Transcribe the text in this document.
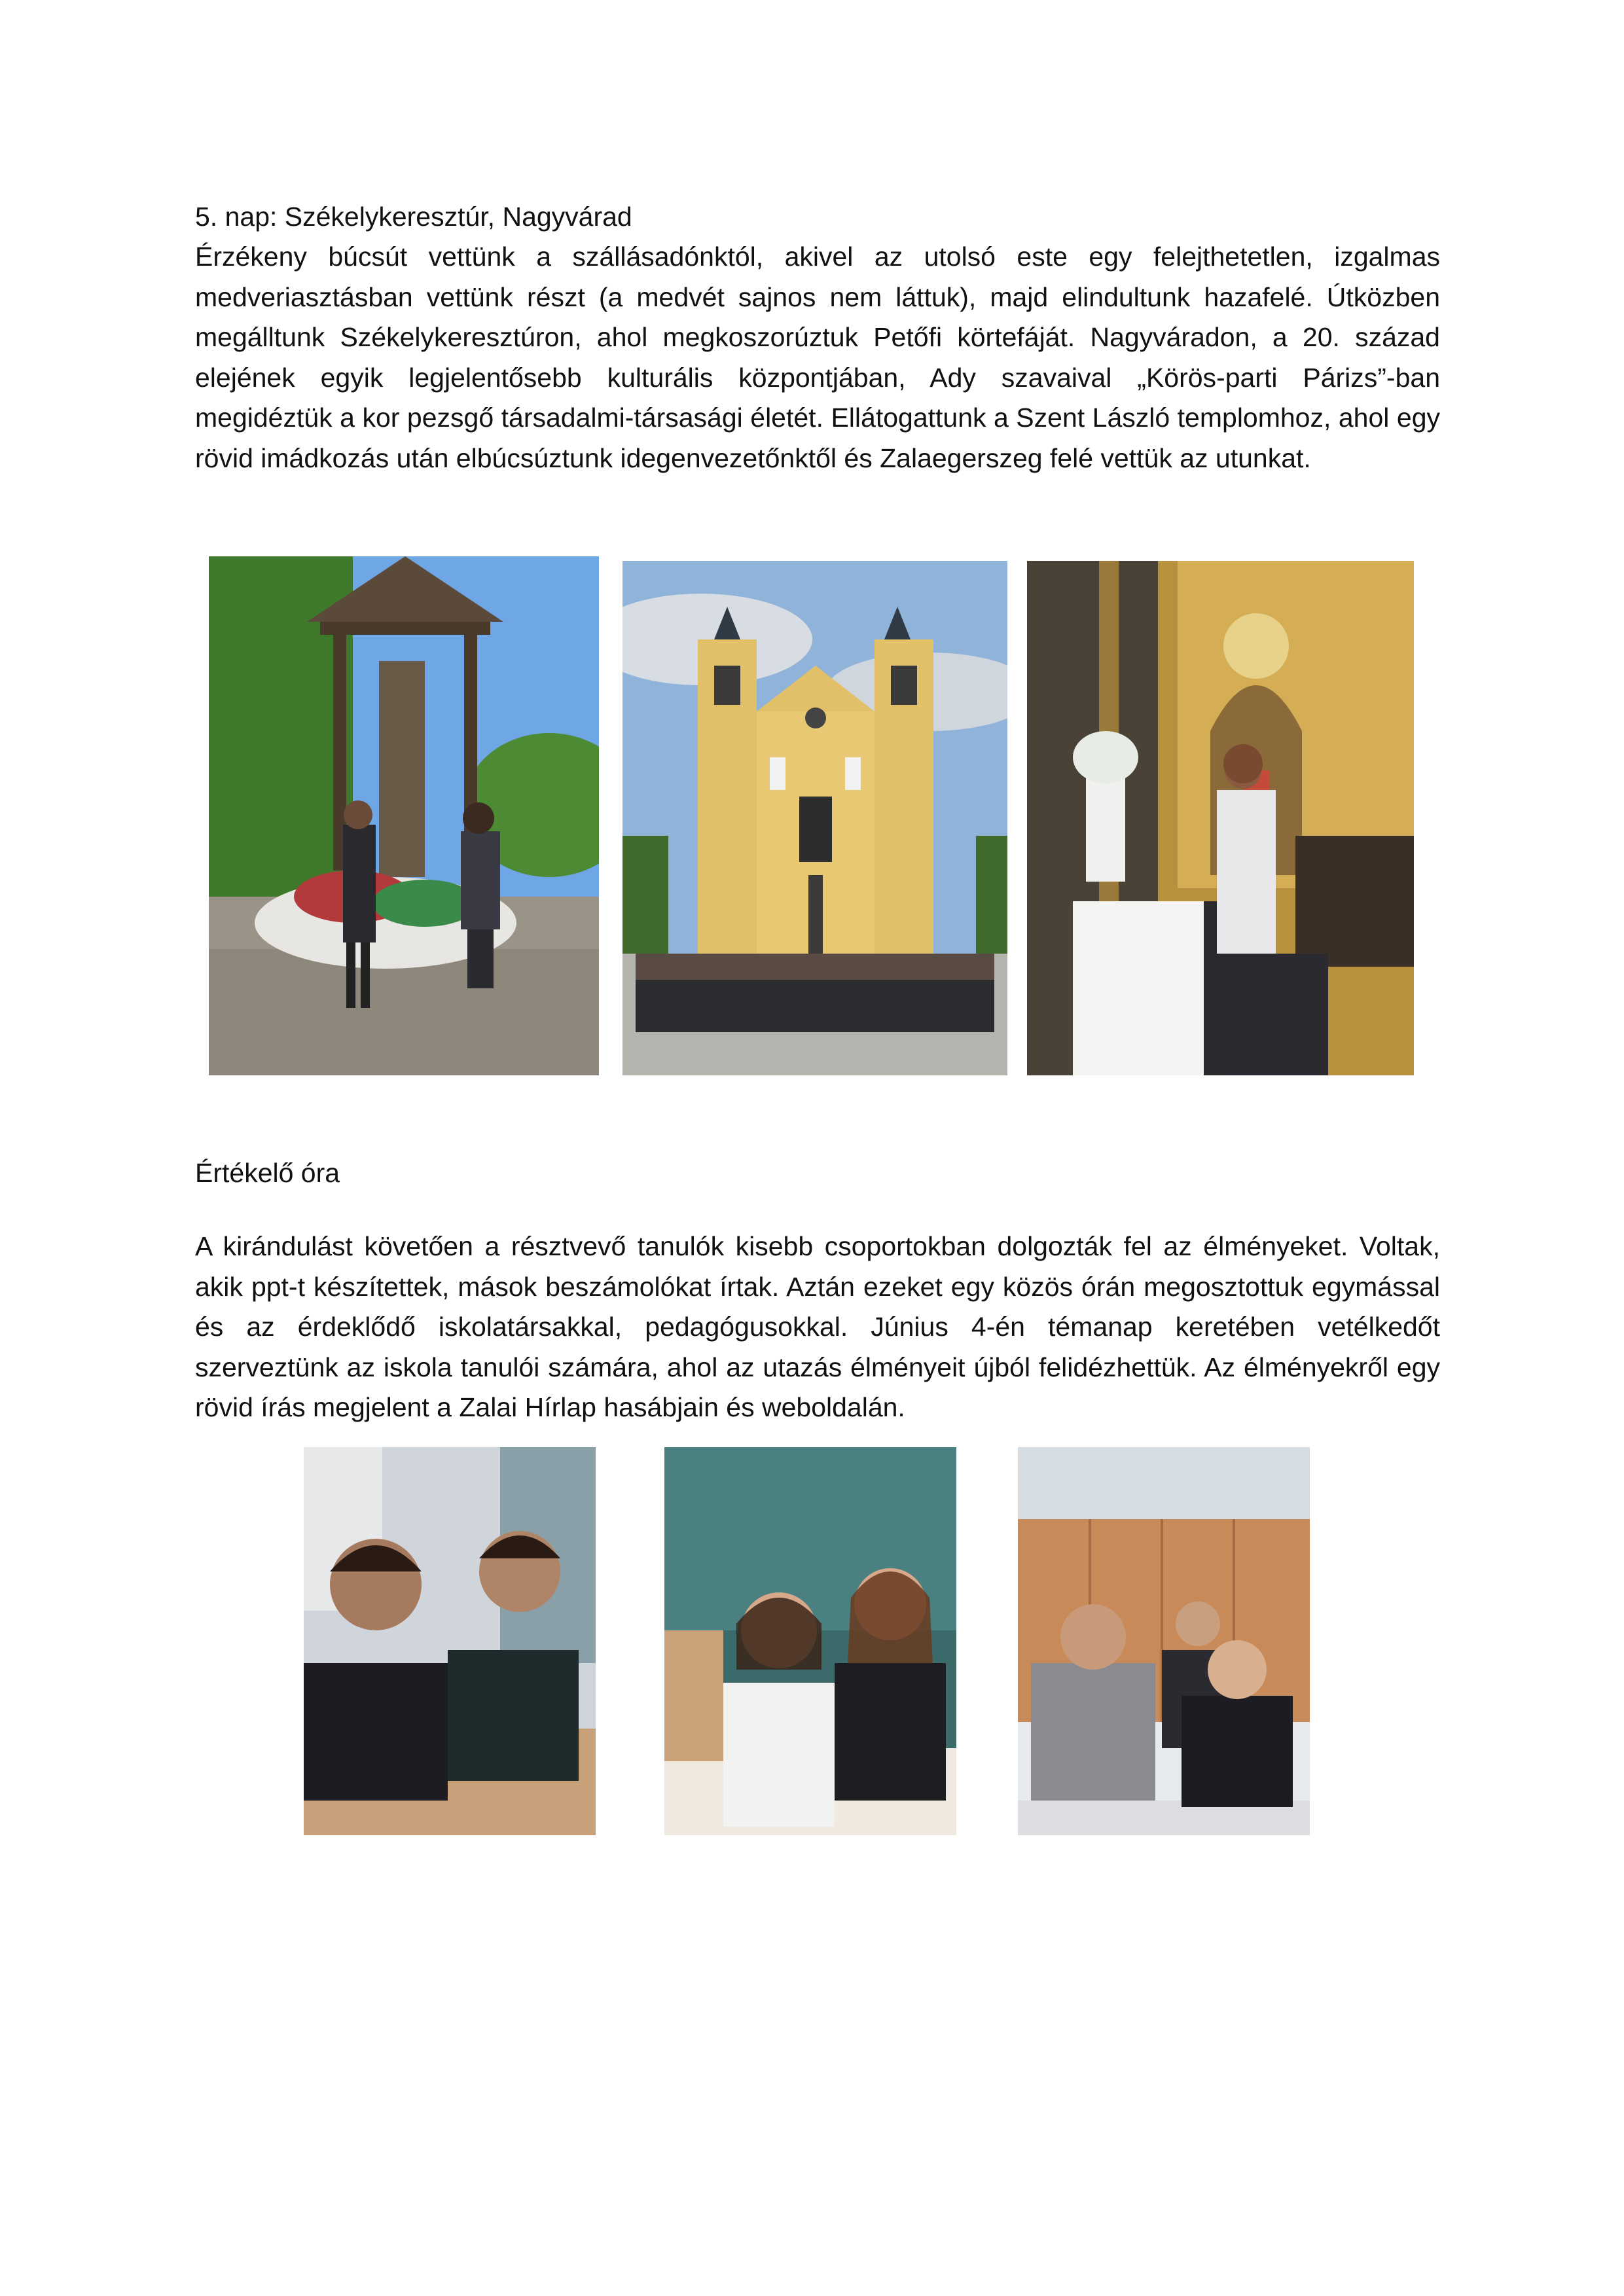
5. nap: Székelykeresztúr, Nagyvárad

Érzékeny búcsút vettünk a szállásadónktól, akivel az utolsó este egy felejthetetlen, izgalmas medveriasztásban vettünk részt (a medvét sajnos nem láttuk), majd elindultunk hazafelé. Útközben megálltunk Székelykeresztúron, ahol megkoszorúztuk Petőfi körtefáját. Nagyváradon, a 20. század elejének egyik legjelentősebb kulturális központjában, Ady szavaival „Körös-parti Párizs”-ban megidéztük a kor pezsgő társadalmi-társasági életét. Ellátogattunk a Szent László templomhoz, ahol egy rövid imádkozás után elbúcsúztunk idegenvezetőnktől és Zalaegerszeg felé vettük az utunkat.

Értékelő óra

A kirándulást követően a résztvevő tanulók kisebb csoportokban dolgozták fel az élményeket. Voltak, akik ppt-t készítettek, mások beszámolókat írtak. Aztán ezeket egy közös órán megosztottuk egymással és az érdeklődő iskolatársakkal, pedagógusokkal. Június 4-én témanap keretében vetélkedőt szerveztünk az iskola tanulói számára, ahol az utazás élményeit újból felidézhettük. Az élményekről egy rövid írás megjelent a Zalai Hírlap hasábjain és weboldalán.
